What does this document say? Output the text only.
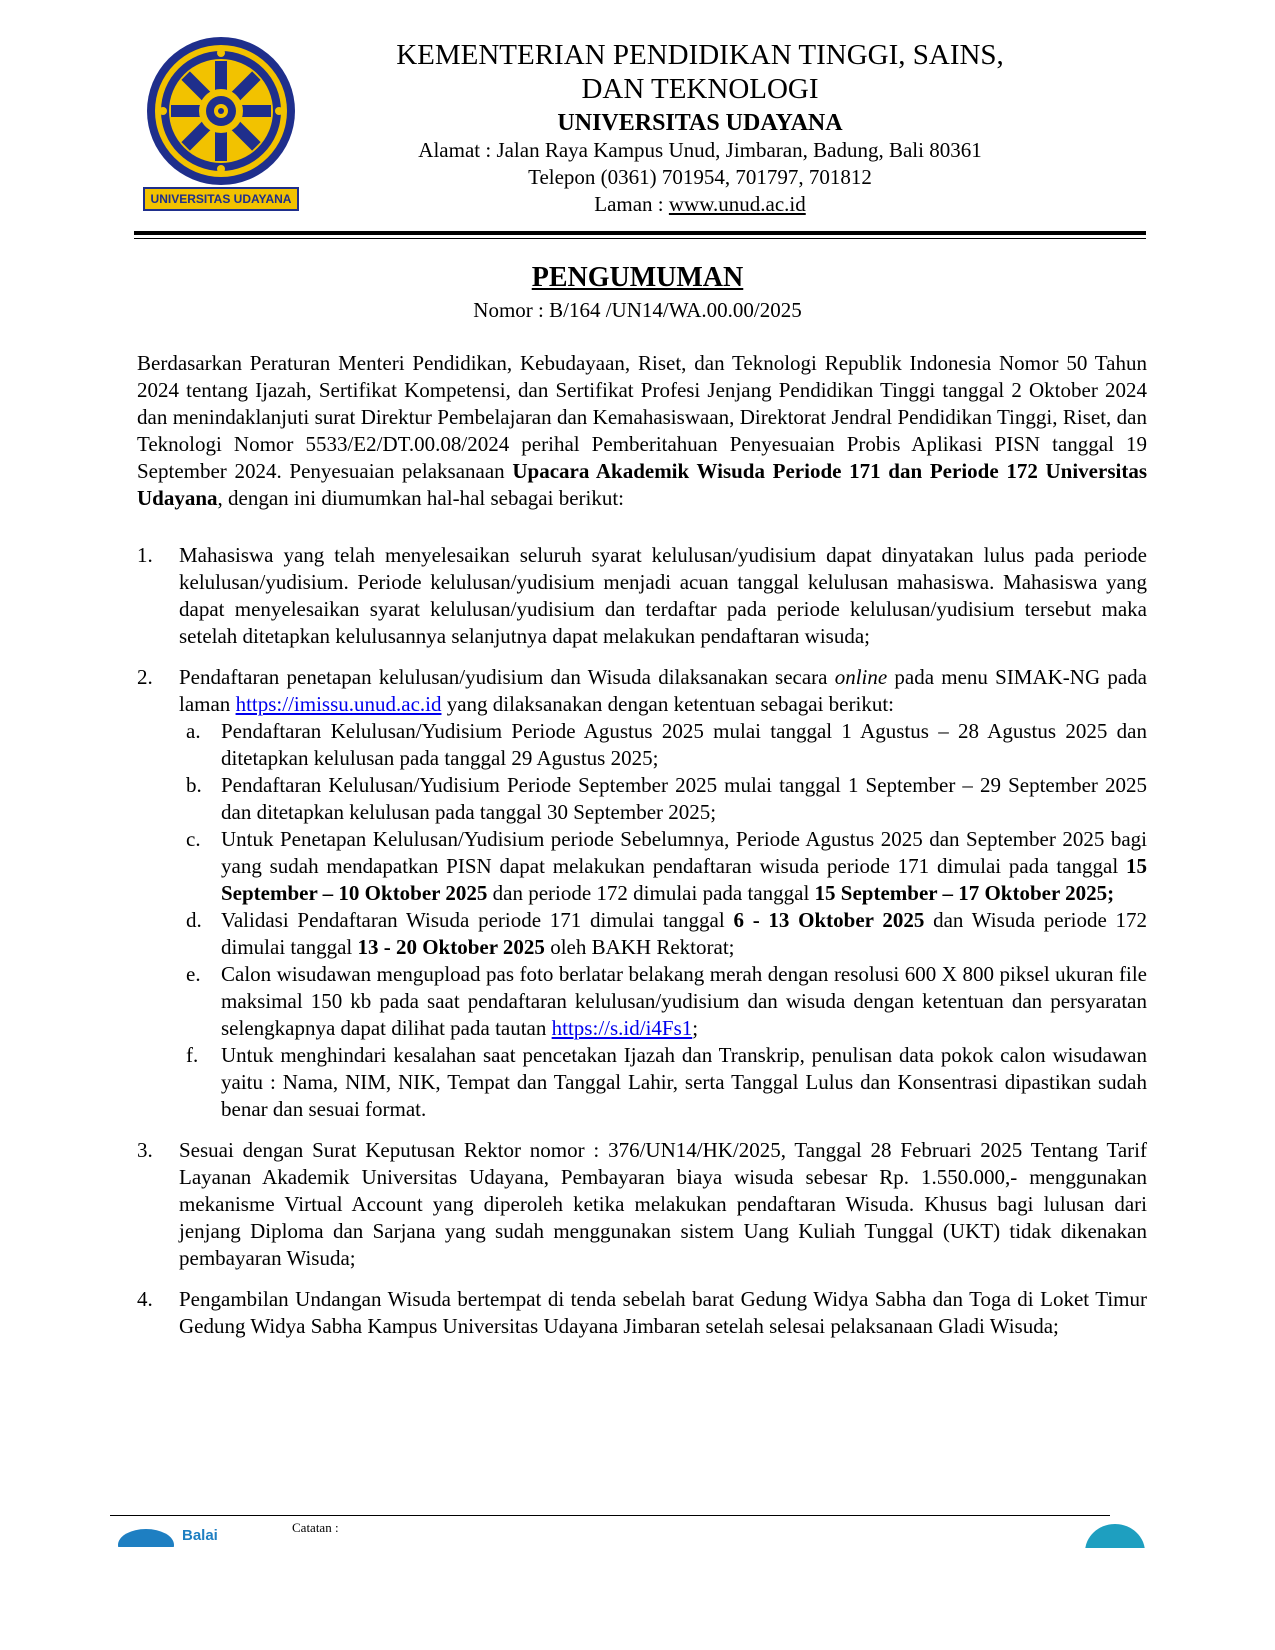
UNIVERSITAS UDAYANA
KEMENTERIAN PENDIDIKAN TINGGI, SAINS,
DAN TEKNOLOGI
UNIVERSITAS UDAYANA
Alamat : Jalan Raya Kampus Unud, Jimbaran, Badung, Bali 80361
Telepon (0361) 701954, 701797, 701812
Laman : www.unud.ac.id
PENGUMUMAN
Nomor : B/164 /UN14/WA.00.00/2025

Berdasarkan Peraturan Menteri Pendidikan, Kebudayaan, Riset, dan Teknologi Republik Indonesia Nomor 50 Tahun 2024 tentang Ijazah, Sertifikat Kompetensi, dan Sertifikat Profesi Jenjang Pendidikan Tinggi tanggal 2 Oktober 2024 dan menindaklanjuti surat Direktur Pembelajaran dan Kemahasiswaan, Direktorat Jendral Pendidikan Tinggi, Riset, dan Teknologi Nomor 5533/E2/DT.00.08/2024 perihal Pemberitahuan Penyesuaian Probis Aplikasi PISN tanggal 19 September 2024. Penyesuaian pelaksanaan Upacara Akademik Wisuda Periode 171 dan Periode 172 Universitas Udayana, dengan ini diumumkan hal-hal sebagai berikut:

1. Mahasiswa yang telah menyelesaikan seluruh syarat kelulusan/yudisium dapat dinyatakan lulus pada periode kelulusan/yudisium. Periode kelulusan/yudisium menjadi acuan tanggal kelulusan mahasiswa. Mahasiswa yang dapat menyelesaikan syarat kelulusan/yudisium dan terdaftar pada periode kelulusan/yudisium tersebut maka setelah ditetapkan kelulusannya selanjutnya dapat melakukan pendaftaran wisuda;
2. Pendaftaran penetapan kelulusan/yudisium dan Wisuda dilaksanakan secara online pada menu SIMAK-NG pada laman https://imissu.unud.ac.id yang dilaksanakan dengan ketentuan sebagai berikut:
a. Pendaftaran Kelulusan/Yudisium Periode Agustus 2025 mulai tanggal 1 Agustus – 28 Agustus 2025 dan ditetapkan kelulusan pada tanggal 29 Agustus 2025;
b. Pendaftaran Kelulusan/Yudisium Periode September 2025 mulai tanggal 1 September – 29 September 2025 dan ditetapkan kelulusan pada tanggal 30 September 2025;
c. Untuk Penetapan Kelulusan/Yudisium periode Sebelumnya, Periode Agustus 2025 dan September 2025 bagi yang sudah mendapatkan PISN dapat melakukan pendaftaran wisuda periode 171 dimulai pada tanggal 15 September – 10 Oktober 2025 dan periode 172 dimulai pada tanggal 15 September – 17 Oktober 2025;
d. Validasi Pendaftaran Wisuda periode 171 dimulai tanggal 6 - 13 Oktober 2025 dan Wisuda periode 172 dimulai tanggal 13 - 20 Oktober 2025 oleh BAKH Rektorat;
e. Calon wisudawan mengupload pas foto berlatar belakang merah dengan resolusi 600 X 800 piksel ukuran file maksimal 150 kb pada saat pendaftaran kelulusan/yudisium dan wisuda dengan ketentuan dan persyaratan selengkapnya dapat dilihat pada tautan https://s.id/i4Fs1;
f. Untuk menghindari kesalahan saat pencetakan Ijazah dan Transkrip, penulisan data pokok calon wisudawan yaitu : Nama, NIM, NIK, Tempat dan Tanggal Lahir, serta Tanggal Lulus dan Konsentrasi dipastikan sudah benar dan sesuai format.
3. Sesuai dengan Surat Keputusan Rektor nomor : 376/UN14/HK/2025, Tanggal 28 Februari 2025 Tentang Tarif Layanan Akademik Universitas Udayana, Pembayaran biaya wisuda sebesar Rp. 1.550.000,- menggunakan mekanisme Virtual Account yang diperoleh ketika melakukan pendaftaran Wisuda. Khusus bagi lulusan dari jenjang Diploma dan Sarjana yang sudah menggunakan sistem Uang Kuliah Tunggal (UKT) tidak dikenakan pembayaran Wisuda;
4. Pengambilan Undangan Wisuda bertempat di tenda sebelah barat Gedung Widya Sabha dan Toga di Loket Timur Gedung Widya Sabha Kampus Universitas Udayana Jimbaran setelah selesai pelaksanaan Gladi Wisuda;
Catatan :
Balai
